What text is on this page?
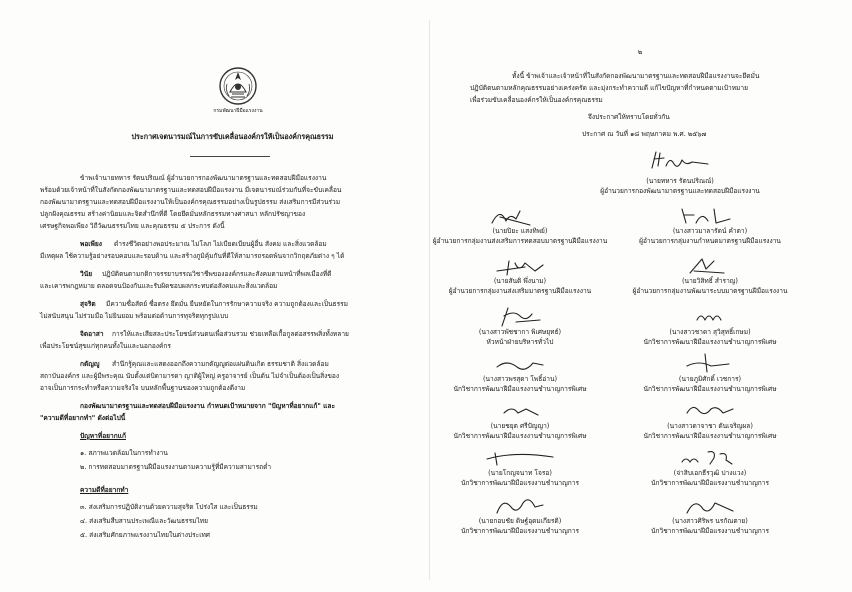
กรมพัฒนาฝีมือแรงงาน
ประกาศเจตนารมณ์ในการขับเคลื่อนองค์กรให้เป็นองค์กรคุณธรรม
ข้าพเจ้านายทหาร รัตนปริณณ์ ผู้อำนวยการกองพัฒนามาตรฐานและทดสอบฝีมือแรงงาน
พร้อมด้วยเจ้าหน้าที่ในสังกัดกองพัฒนามาตรฐานและทดสอบฝีมือแรงงาน มีเจตนารมณ์ร่วมกันที่จะขับเคลื่อน
กองพัฒนามาตรฐานและทดสอบฝีมือแรงงานให้เป็นองค์กรคุณธรรมอย่างเป็นรูปธรรม ส่งเสริมการมีส่วนร่วม
ปลูกฝังคุณธรรม สร้างค่านิยมและจิตสำนึกที่ดี โดยยึดมั่นหลักธรรมทางศาสนา หลักปรัชญาของ
เศรษฐกิจพอเพียง วิถีวัฒนธรรมไทย และคุณธรรม ๕ ประการ ดังนี้
พอเพียง ดำรงชีวิตอย่างพอประมาณ ไม่โลภ ไม่เบียดเบียนผู้อื่น สังคม และสิ่งแวดล้อม
มีเหตุผล ใช้ความรู้อย่างรอบคอบและรอบด้าน และสร้างภูมิคุ้มกันที่ดีให้สามารถรอดพ้นจากวิกฤตภัยต่าง ๆ ได้
วินัย ปฏิบัติตนตามกติกาจรรยาบรรณวิชาชีพขององค์กรและสังคมตามหน้าที่พลเมืองที่ดี
และเคารพกฎหมาย ตลอดจนป้องกันและรับผิดชอบผลกระทบต่อสังคมและสิ่งแวดล้อม
สุจริต มีความซื่อสัตย์ ซื่อตรง ยึดมั่น ยืนหยัดในการรักษาความจริง ความถูกต้องและเป็นธรรม
ไม่สนับสนุน ไม่ร่วมมือ ไม่ยินยอม พร้อมต่อต้านการทุจริตทุกรูปแบบ
จิตอาสา การให้และเสียสละประโยชน์ส่วนตนเพื่อส่วนรวม ช่วยเหลือเกื้อกูลต่อสรรพสิ่งทั้งหลาย
เพื่อประโยชน์สุขแก่ทุกคนทั้งในและนอกองค์กร
กตัญญู สำนึกรู้คุณและแสดงออกถึงความกตัญญูต่อแผ่นดินเกิด ธรรมชาติ สิ่งแวดล้อม
สถาบันองค์กร และผู้มีพระคุณ นับตั้งแต่บิดามารดา ญาติผู้ใหญ่ ครูอาจารย์ เป็นต้น ไม่จำเป็นต้องเป็นสิ่งของ
อาจเป็นการกระทำหรือความจริงใจ บนหลักพื้นฐานของความถูกต้องดีงาม
กองพัฒนามาตรฐานและทดสอบฝีมือแรงงาน กำหนดเป้าหมายจาก "ปัญหาที่อยากแก้" และ
"ความดีที่อยากทำ" ดังต่อไปนี้
ปัญหาที่อยากแก้
๑. สภาพแวดล้อมในการทำงาน
๒. การทดสอบมาตรฐานฝีมือแรงงานตามความรู้ที่มีความสามารถต่ำ
ความดีที่อยากทำ
๓. ส่งเสริมการปฏิบัติงานด้วยความสุจริต โปร่งใส และเป็นธรรม
๔. ส่งเสริมสืบสานประเพณีและวัฒนธรรมไทย
๕. ส่งเสริมศักยภาพแรงงานไทยในต่างประเทศ
๒
ทั้งนี้ ข้าพเจ้าและเจ้าหน้าที่ในสังกัดกองพัฒนามาตรฐานและทดสอบฝีมือแรงงานจะยึดมั่น
ปฏิบัติตนตามหลักคุณธรรมอย่างเคร่งครัด และมุ่งกระทำความดี แก้ไขปัญหาที่กำหนดตามเป้าหมาย
เพื่อร่วมขับเคลื่อนองค์กรให้เป็นองค์กรคุณธรรม
จึงประกาศให้ทราบโดยทั่วกัน
ประกาศ ณ วันที่ ๑๘ พฤษภาคม พ.ศ. ๒๕๖๗
(นายทหาร รัตนปริณณ์)
ผู้อำนวยการกองพัฒนามาตรฐานและทดสอบฝีมือแรงงาน
(นายปิยะ แสงทิพย์)
ผู้อำนวยการกลุ่มงานส่งเสริมการทดสอบมาตรฐานฝีมือแรงงาน
(นายสันติ พึ่งนาม)
ผู้อำนวยการกลุ่มงานส่งเสริมมาตรฐานฝีมือแรงงาน
(นางสาวพัชชากา พิเศษยุทธ์)
หัวหน้าฝ่ายบริหารทั่วไป
(นางสาวพรสุดา โพธิ์อ่าน)
นักวิชาการพัฒนาฝีมือแรงงานชำนาญการพิเศษ
(นายชยุต ศรีปัญญา)
นักวิชาการพัฒนาฝีมือแรงงานชำนาญการพิเศษ
(นายโกญจนาท โจรอ)
นักวิชาการพัฒนาฝีมือแรงงานชำนาญการ
(นายกอบชัย ดิษฐ์อุดมเกียรติ)
นักวิชาการพัฒนาฝีมือแรงงานชำนาญการ
(นางสาวมาลารัตน์ คำตา)
ผู้อำนวยการกลุ่มงานกำหนดมาตรฐานฝีมือแรงงาน
(นายวิสิทธิ์ สำราญ)
ผู้อำนวยการกลุ่มงานพัฒนาระบบมาตรฐานฝีมือแรงงาน
(นางสาวชาดา สุวิสุทธิ์เกษม)
นักวิชาการพัฒนาฝีมือแรงงานชำนาญการพิเศษ
(นายภูมิศักดิ์ เวชการ)
นักวิชาการพัฒนาฝีมือแรงงานชำนาญการพิเศษ
(นางสาวดาจาชา ตันเจริญผล)
นักวิชาการพัฒนาฝีมือแรงงานชำนาญการพิเศษ
(จ่าสิบเอกธีรวุฒิ บ่างแวง)
นักวิชาการพัฒนาฝีมือแรงงานชำนาญการ
(นางสาวศิริพร นรกัณตาย)
นักวิชาการพัฒนาฝีมือแรงงานชำนาญการ
